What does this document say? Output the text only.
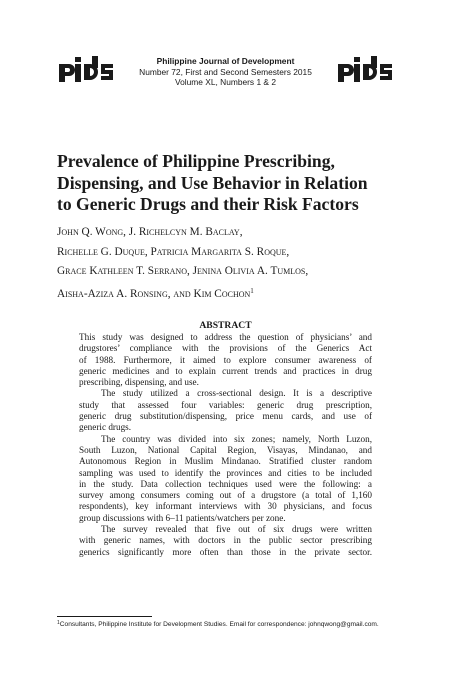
Philippine Journal of Development
Number 72, First and Second Semesters 2015
Volume XL, Numbers 1 & 2
Prevalence of Philippine Prescribing,
Dispensing, and Use Behavior in Relation
to Generic Drugs and their Risk Factors
John Q. Wong, J. Richelcyn M. Baclay,
Richelle G. Duque, Patricia Margarita S. Roque,
Grace Kathleen T. Serrano, Jenina Olivia A. Tumlos,
Aisha-Aziza A. Ronsing, and Kim Cochon$^1$
ABSTRACT

This study was designed to address the question of physicians’ and
drugstores’ compliance with the provisions of the Generics Act
of 1988. Furthermore, it aimed to explore consumer awareness of
generic medicines and to explain current trends and practices in drug
prescribing, dispensing, and use.

The study utilized a cross-sectional design. It is a descriptive
study that assessed four variables: generic drug prescription,
generic drug substitution/dispensing, price menu cards, and use of
generic drugs.

The country was divided into six zones; namely, North Luzon,
South Luzon, National Capital Region, Visayas, Mindanao, and
Autonomous Region in Muslim Mindanao. Stratified cluster random
sampling was used to identify the provinces and cities to be included
in the study. Data collection techniques used were the following: a
survey among consumers coming out of a drugstore (a total of 1,160
respondents), key informant interviews with 30 physicians, and focus
group discussions with 6–11 patients/watchers per zone.

The survey revealed that five out of six drugs were written
with generic names, with doctors in the public sector prescribing
generics significantly more often than those in the private sector.

$^1$Consultants, Philippine Institute for Development Studies. Email for correspondence: johnqwong@gmail.com.
